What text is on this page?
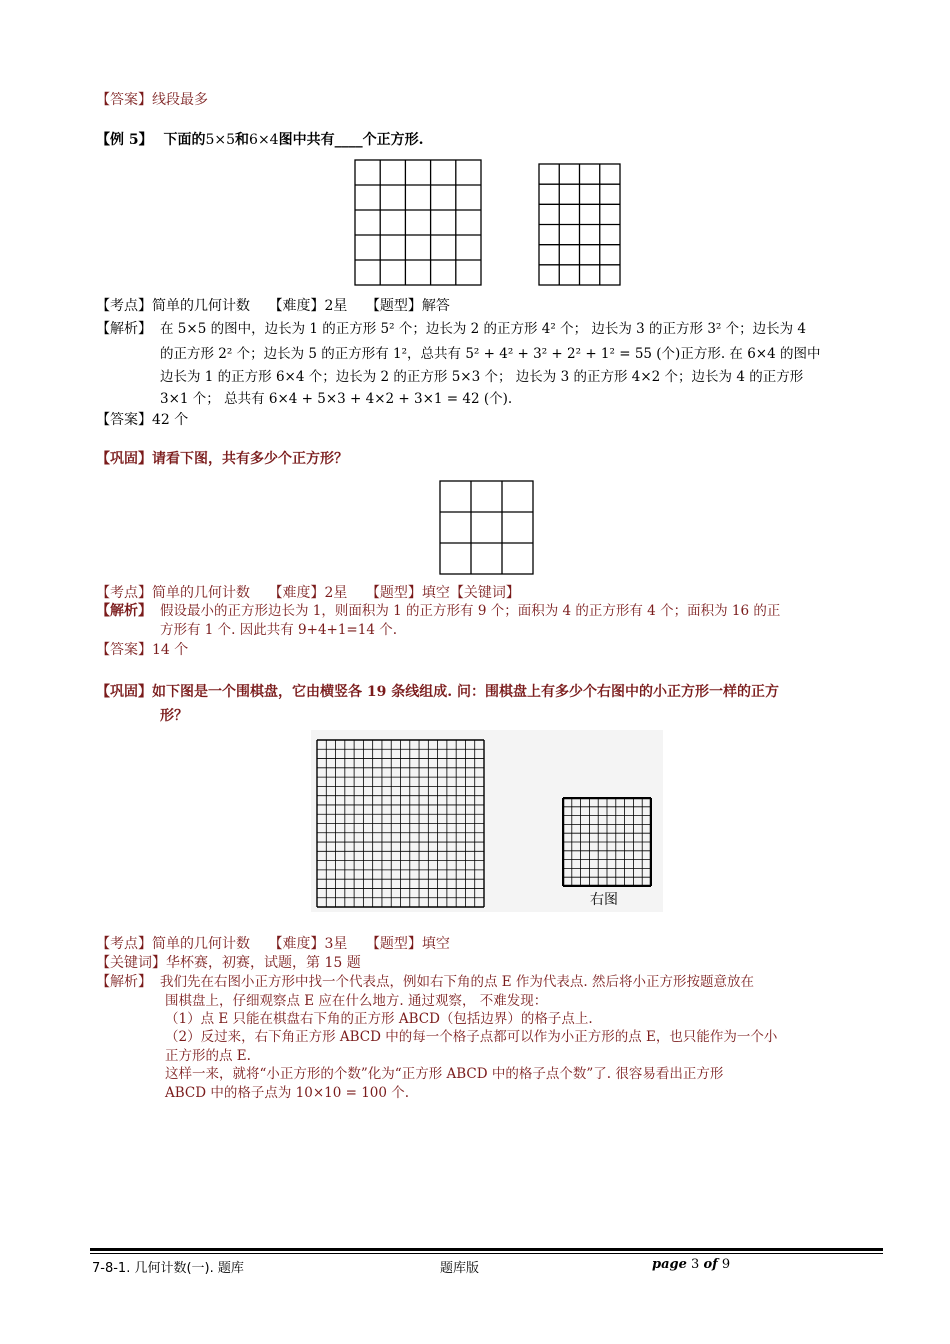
【答案】线段最多
【例 5】 下面的5×5和6×4图中共有____个正方形.
【考点】简单的几何计数 【难度】2星 【题型】解答
【解析】 在 5×5 的图中，边长为 1 的正方形 5² 个；边长为 2 的正方形 4² 个； 边长为 3 的正方形 3² 个；边长为 4
的正方形 2² 个；边长为 5 的正方形有 1²，总共有 5² + 4² + 3² + 2² + 1² = 55 (个)正方形. 在 6×4 的图中
边长为 1 的正方形 6×4 个；边长为 2 的正方形 5×3 个； 边长为 3 的正方形 4×2 个；边长为 4 的正方形
3×1 个； 总共有 6×4 + 5×3 + 4×2 + 3×1 = 42 (个).
【答案】42 个
【巩固】请看下图，共有多少个正方形？
【考点】简单的几何计数 【难度】2星 【题型】填空【关键词】
【解析】 假设最小的正方形边长为 1，则面积为 1 的正方形有 9 个；面积为 4 的正方形有 4 个；面积为 16 的正
方形有 1 个. 因此共有 9+4+1=14 个.
【答案】14 个
【巩固】如下图是一个围棋盘，它由横竖各 19 条线组成. 问：围棋盘上有多少个右图中的小正方形一样的正方
形？
右图
【考点】简单的几何计数 【难度】3星 【题型】填空
【关键词】华杯赛，初赛，试题，第 15 题
【解析】 我们先在右图小正方形中找一个代表点，例如右下角的点 E 作为代表点. 然后将小正方形按题意放在
围棋盘上，仔细观察点 E 应在什么地方. 通过观察， 不难发现：
（1）点 E 只能在棋盘右下角的正方形 ABCD（包括边界）的格子点上.
（2）反过来，右下角正方形 ABCD 中的每一个格子点都可以作为小正方形的点 E，也只能作为一个小
正方形的点 E.
这样一来，就将“小正方形的个数”化为“正方形 ABCD 中的格子点个数”了. 很容易看出正方形
ABCD 中的格子点为 10×10 = 100 个.
7-8-1. 几何计数(一). 题库	题库版	page 3 of 9
